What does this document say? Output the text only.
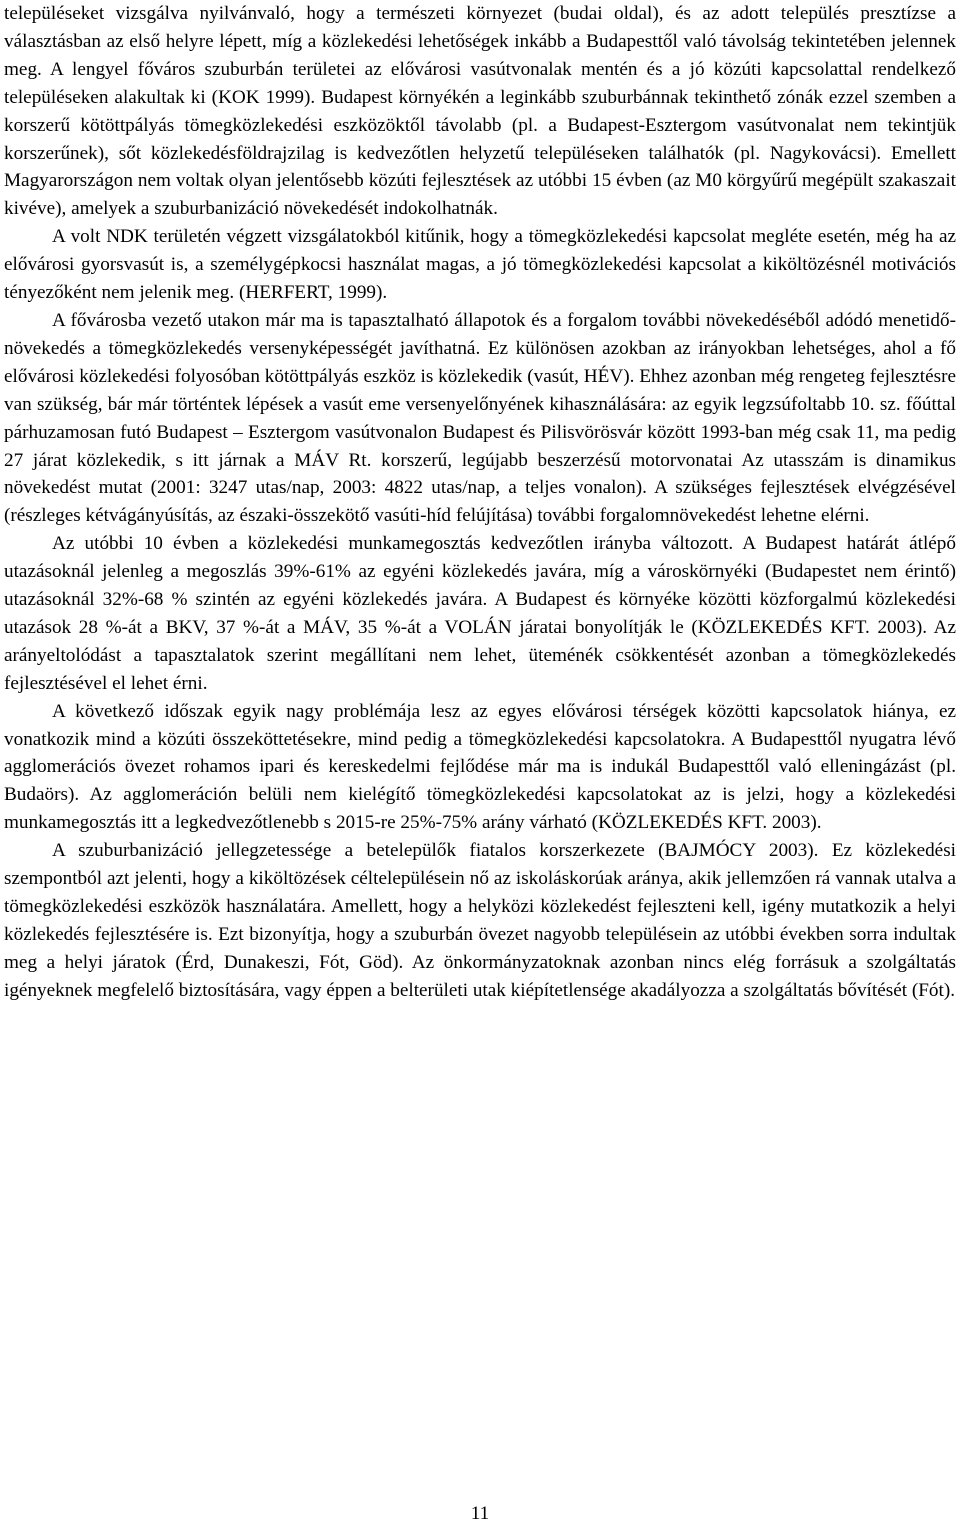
településeket vizsgálva nyilvánvaló, hogy a természeti környezet (budai oldal), és az adott település presztízse a választásban az első helyre lépett, míg a közlekedési lehetőségek inkább a Budapesttől való távolság tekintetében jelennek meg. A lengyel főváros szuburbán területei az elővárosi vasútvonalak mentén és a jó közúti kapcsolattal rendelkező településeken alakultak ki (KOK 1999). Budapest környékén a leginkább szuburbánnak tekinthető zónák ezzel szemben a korszerű kötöttpályás tömegközlekedési eszközöktől távolabb (pl. a Budapest-Esztergom vasútvonalat nem tekintjük korszerűnek), sőt közlekedésföldrajzilag is kedvezőtlen helyzetű településeken találhatók (pl. Nagykovácsi). Emellett Magyarországon nem voltak olyan jelentősebb közúti fejlesztések az utóbbi 15 évben (az M0 körgyűrű megépült szakaszait kivéve), amelyek a szuburbanizáció növekedését indokolhatnák.

A volt NDK területén végzett vizsgálatokból kitűnik, hogy a tömegközlekedési kapcsolat megléte esetén, még ha az elővárosi gyorsvasút is, a személygépkocsi használat magas, a jó tömegközlekedési kapcsolat a kiköltözésnél motivációs tényezőként nem jelenik meg. (HERFERT, 1999).

A fővárosba vezető utakon már ma is tapasztalható állapotok és a forgalom további növekedéséből adódó menetidő-növekedés a tömegközlekedés versenyképességét javíthatná. Ez különösen azokban az irányokban lehetséges, ahol a fő elővárosi közlekedési folyosóban kötöttpályás eszköz is közlekedik (vasút, HÉV). Ehhez azonban még rengeteg fejlesztésre van szükség, bár már történtek lépések a vasút eme versenyelőnyének kihasználására: az egyik legzsúfoltabb 10. sz. főúttal párhuzamosan futó Budapest – Esztergom vasútvonalon Budapest és Pilisvörösvár között 1993-ban még csak 11, ma pedig 27 járat közlekedik, s itt járnak a MÁV Rt. korszerű, legújabb beszerzésű motorvonatai Az utasszám is dinamikus növekedést mutat (2001: 3247 utas/nap, 2003: 4822 utas/nap, a teljes vonalon). A szükséges fejlesztések elvégzésével (részleges kétvágányúsítás, az északi-összekötő vasúti-híd felújítása) további forgalomnövekedést lehetne elérni.

Az utóbbi 10 évben a közlekedési munkamegosztás kedvezőtlen irányba változott. A Budapest határát átlépő utazásoknál jelenleg a megoszlás 39%-61% az egyéni közlekedés javára, míg a városkörnyéki (Budapestet nem érintő) utazásoknál 32%-68 % szintén az egyéni közlekedés javára. A Budapest és környéke közötti közforgalmú közlekedési utazások 28 %-át a BKV, 37 %-át a MÁV, 35 %-át a VOLÁN járatai bonyolítják le (KÖZLEKEDÉS KFT. 2003). Az arányeltolódást a tapasztalatok szerint megállítani nem lehet, üteménék csökkentését azonban a tömegközlekedés fejlesztésével el lehet érni.

A következő időszak egyik nagy problémája lesz az egyes elővárosi térségek közötti kapcsolatok hiánya, ez vonatkozik mind a közúti összeköttetésekre, mind pedig a tömegközlekedési kapcsolatokra. A Budapesttől nyugatra lévő agglomerációs övezet rohamos ipari és kereskedelmi fejlődése már ma is indukál Budapesttől való elleningázást (pl. Budaörs). Az agglomeráción belüli nem kielégítő tömegközlekedési kapcsolatokat az is jelzi, hogy a közlekedési munkamegosztás itt a legkedvezőtlenebb s 2015-re 25%-75% arány várható (KÖZLEKEDÉS KFT. 2003).

A szuburbanizáció jellegzetessége a betelepülők fiatalos korszerkezete (BAJMÓCY 2003). Ez közlekedési szempontból azt jelenti, hogy a kiköltözések céltelepülésein nő az iskoláskorúak aránya, akik jellemzően rá vannak utalva a tömegközlekedési eszközök használatára. Amellett, hogy a helyközi közlekedést fejleszteni kell, igény mutatkozik a helyi közlekedés fejlesztésére is. Ezt bizonyítja, hogy a szuburbán övezet nagyobb településein az utóbbi években sorra indultak meg a helyi járatok (Érd, Dunakeszi, Fót, Göd). Az önkormányzatoknak azonban nincs elég forrásuk a szolgáltatás igényeknek megfelelő biztosítására, vagy éppen a belterületi utak kiépítetlensége akadályozza a szolgáltatás bővítését (Fót).

11
